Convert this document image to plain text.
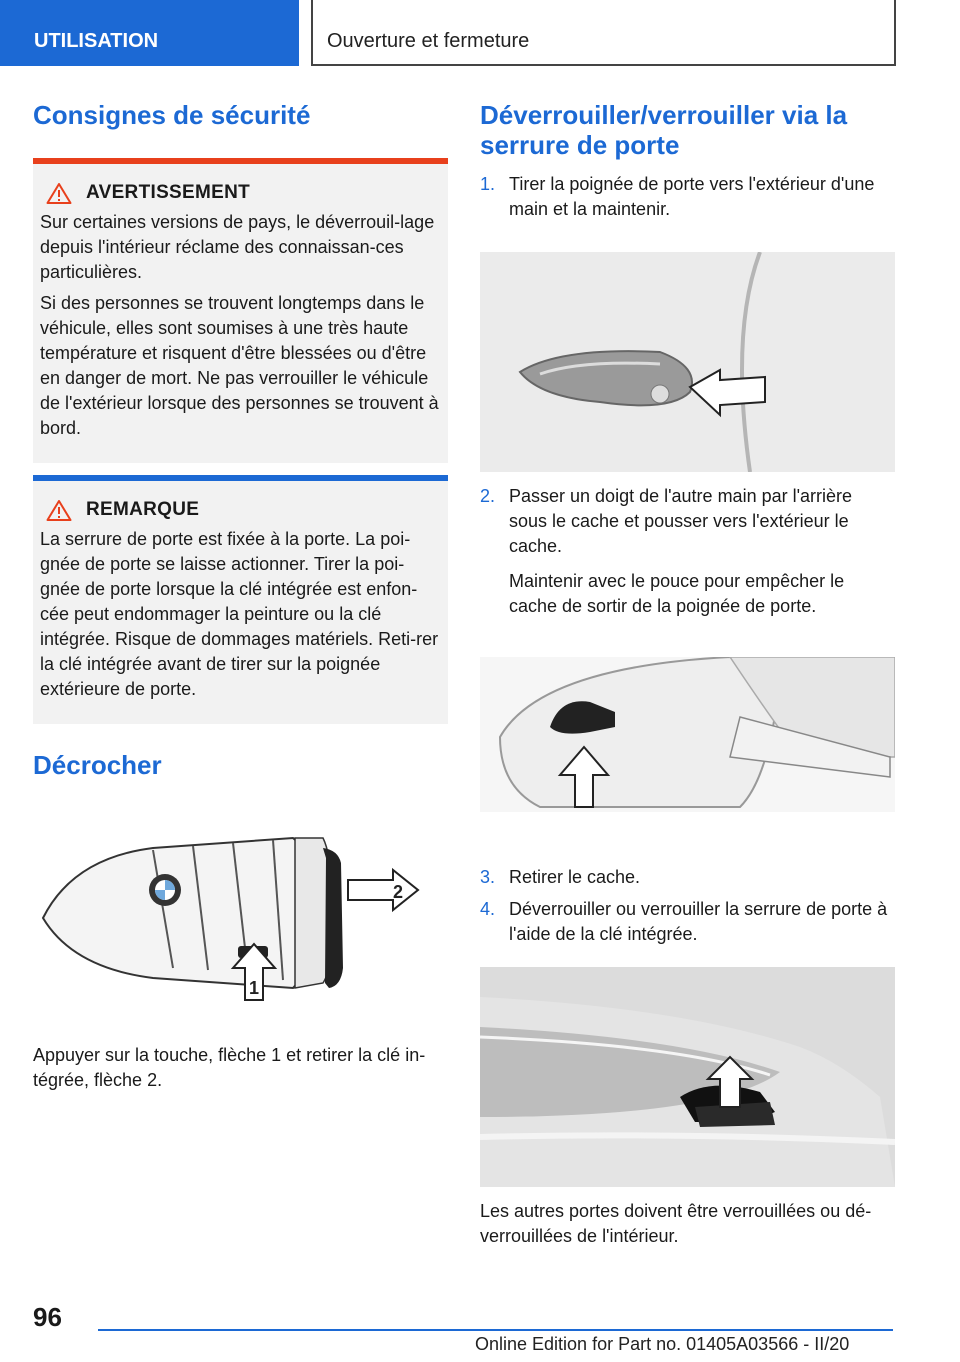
UTILISATION	Ouverture et fermeture
Consignes de sécurité
AVERTISSEMENT

Sur certaines versions de pays, le déverrouil-lage depuis l'intérieur réclame des connaissan-ces particulières.

Si des personnes se trouvent longtemps dans le véhicule, elles sont soumises à une très haute température et risquent d'être blessées ou d'être en danger de mort. Ne pas verrouiller le véhicule de l'extérieur lorsque des personnes se trouvent à bord.

REMARQUE

La serrure de porte est fixée à la porte. La poi-gnée de porte se laisse actionner. Tirer la poi-gnée de porte lorsque la clé intégrée est enfon-cée peut endommager la peinture ou la clé intégrée. Risque de dommages matériels. Reti-rer la clé intégrée avant de tirer sur la poignée extérieure de porte.

Décrocher
2
1

Appuyer sur la touche, flèche 1 et retirer la clé in-tégrée, flèche 2.

Déverrouiller/verrouiller via la serrure de porte
1. Tirer la poignée de porte vers l'extérieur d'une main et la maintenir.

2. Passer un doigt de l'autre main par l'arrière sous le cache et pousser vers l'extérieur le cache.

Maintenir avec le pouce pour empêcher le cache de sortir de la poignée de porte.

3. Retirer le cache.

4. Déverrouiller ou verrouiller la serrure de porte à l'aide de la clé intégrée.

Les autres portes doivent être verrouillées ou dé-verrouillées de l'intérieur.

96
Online Edition for Part no. 01405A03566 - II/20
